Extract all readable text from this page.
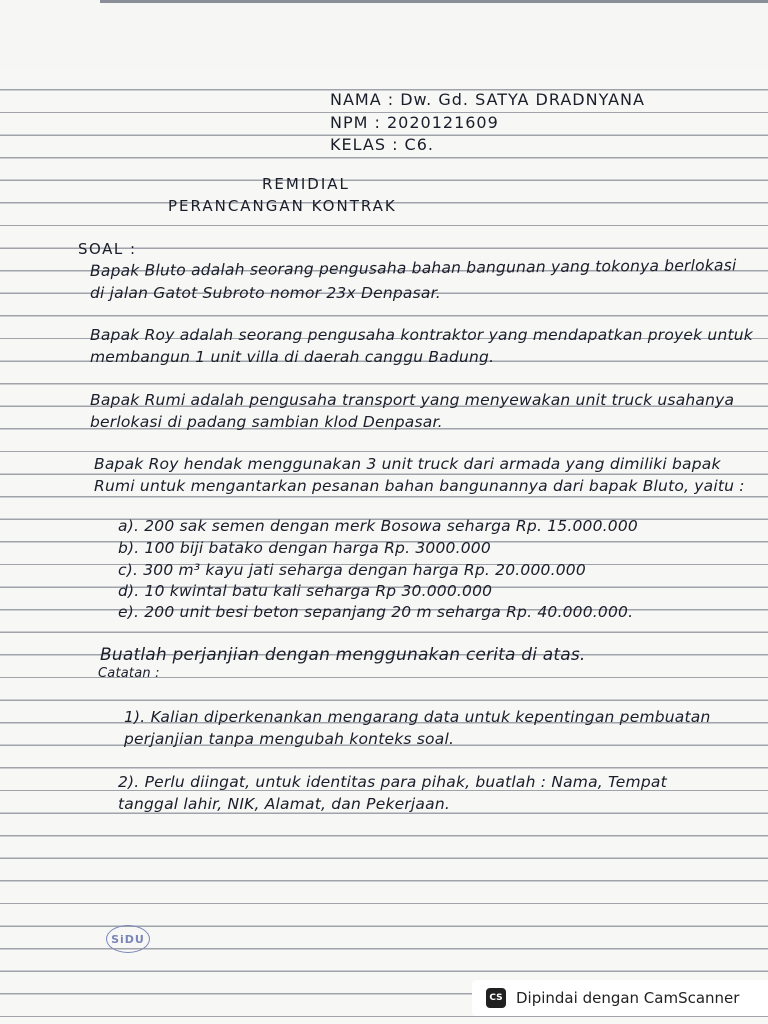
NAMA : Dw. Gd. SATYA DRADNYANA
NPM : 2020121609
KELAS : C6.
REMIDIAL
PERANCANGAN KONTRAK
SOAL :
Bapak Bluto adalah seorang pengusaha bahan bangunan yang tokonya berlokasi
di jalan Gatot Subroto nomor 23x Denpasar.
Bapak Roy adalah seorang pengusaha kontraktor yang mendapatkan proyek untuk
membangun 1 unit villa di daerah canggu Badung.
Bapak Rumi adalah pengusaha transport yang menyewakan unit truck usahanya
berlokasi di padang sambian klod Denpasar.
Bapak Roy hendak menggunakan 3 unit truck dari armada yang dimiliki bapak
Rumi untuk mengantarkan pesanan bahan bangunannya dari bapak Bluto, yaitu :
a). 200 sak semen dengan merk Bosowa seharga Rp. 15.000.000
b). 100 biji batako dengan harga Rp. 3000.000
c). 300 m³ kayu jati seharga dengan harga Rp. 20.000.000
d). 10 kwintal batu kali seharga Rp 30.000.000
e). 200 unit besi beton sepanjang 20 m seharga Rp. 40.000.000.
Buatlah perjanjian dengan menggunakan cerita di atas.
Catatan :
1). Kalian diperkenankan mengarang data untuk kepentingan pembuatan
perjanjian tanpa mengubah konteks soal.
2). Perlu diingat, untuk identitas para pihak, buatlah : Nama, Tempat
tanggal lahir, NIK, Alamat, dan Pekerjaan.
SiDU
CS Dipindai dengan CamScanner
